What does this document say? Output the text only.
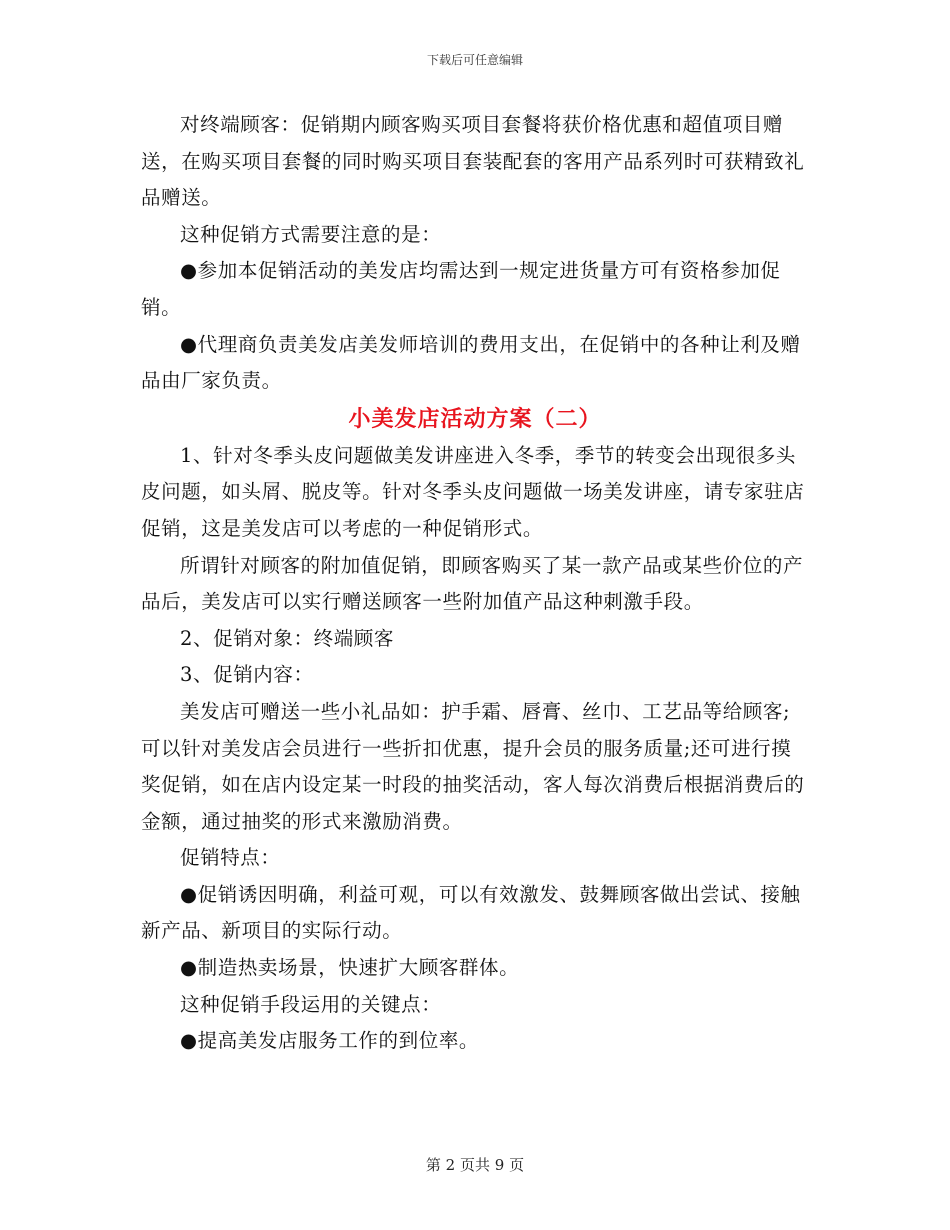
下载后可任意编辑

对终端顾客：促销期内顾客购买项目套餐将获价格优惠和超值项目赠送，在购买项目套餐的同时购买项目套装配套的客用产品系列时可获精致礼品赠送。

这种促销方式需要注意的是：

●参加本促销活动的美发店均需达到一规定进货量方可有资格参加促销。

●代理商负责美发店美发师培训的费用支出，在促销中的各种让利及赠品由厂家负责。

小美发店活动方案（二）

1、针对冬季头皮问题做美发讲座进入冬季，季节的转变会出现很多头皮问题，如头屑、脱皮等。针对冬季头皮问题做一场美发讲座，请专家驻店促销，这是美发店可以考虑的一种促销形式。

所谓针对顾客的附加值促销，即顾客购买了某一款产品或某些价位的产品后，美发店可以实行赠送顾客一些附加值产品这种刺激手段。

2、促销对象：终端顾客

3、促销内容：

美发店可赠送一些小礼品如：护手霜、唇膏、丝巾、工艺品等给顾客;可以针对美发店会员进行一些折扣优惠，提升会员的服务质量;还可进行摸奖促销，如在店内设定某一时段的抽奖活动，客人每次消费后根据消费后的金额，通过抽奖的形式来激励消费。

促销特点：

●促销诱因明确，利益可观，可以有效激发、鼓舞顾客做出尝试、接触新产品、新项目的实际行动。

●制造热卖场景，快速扩大顾客群体。

这种促销手段运用的关键点：

●提高美发店服务工作的到位率。

第 2 页共 9 页
